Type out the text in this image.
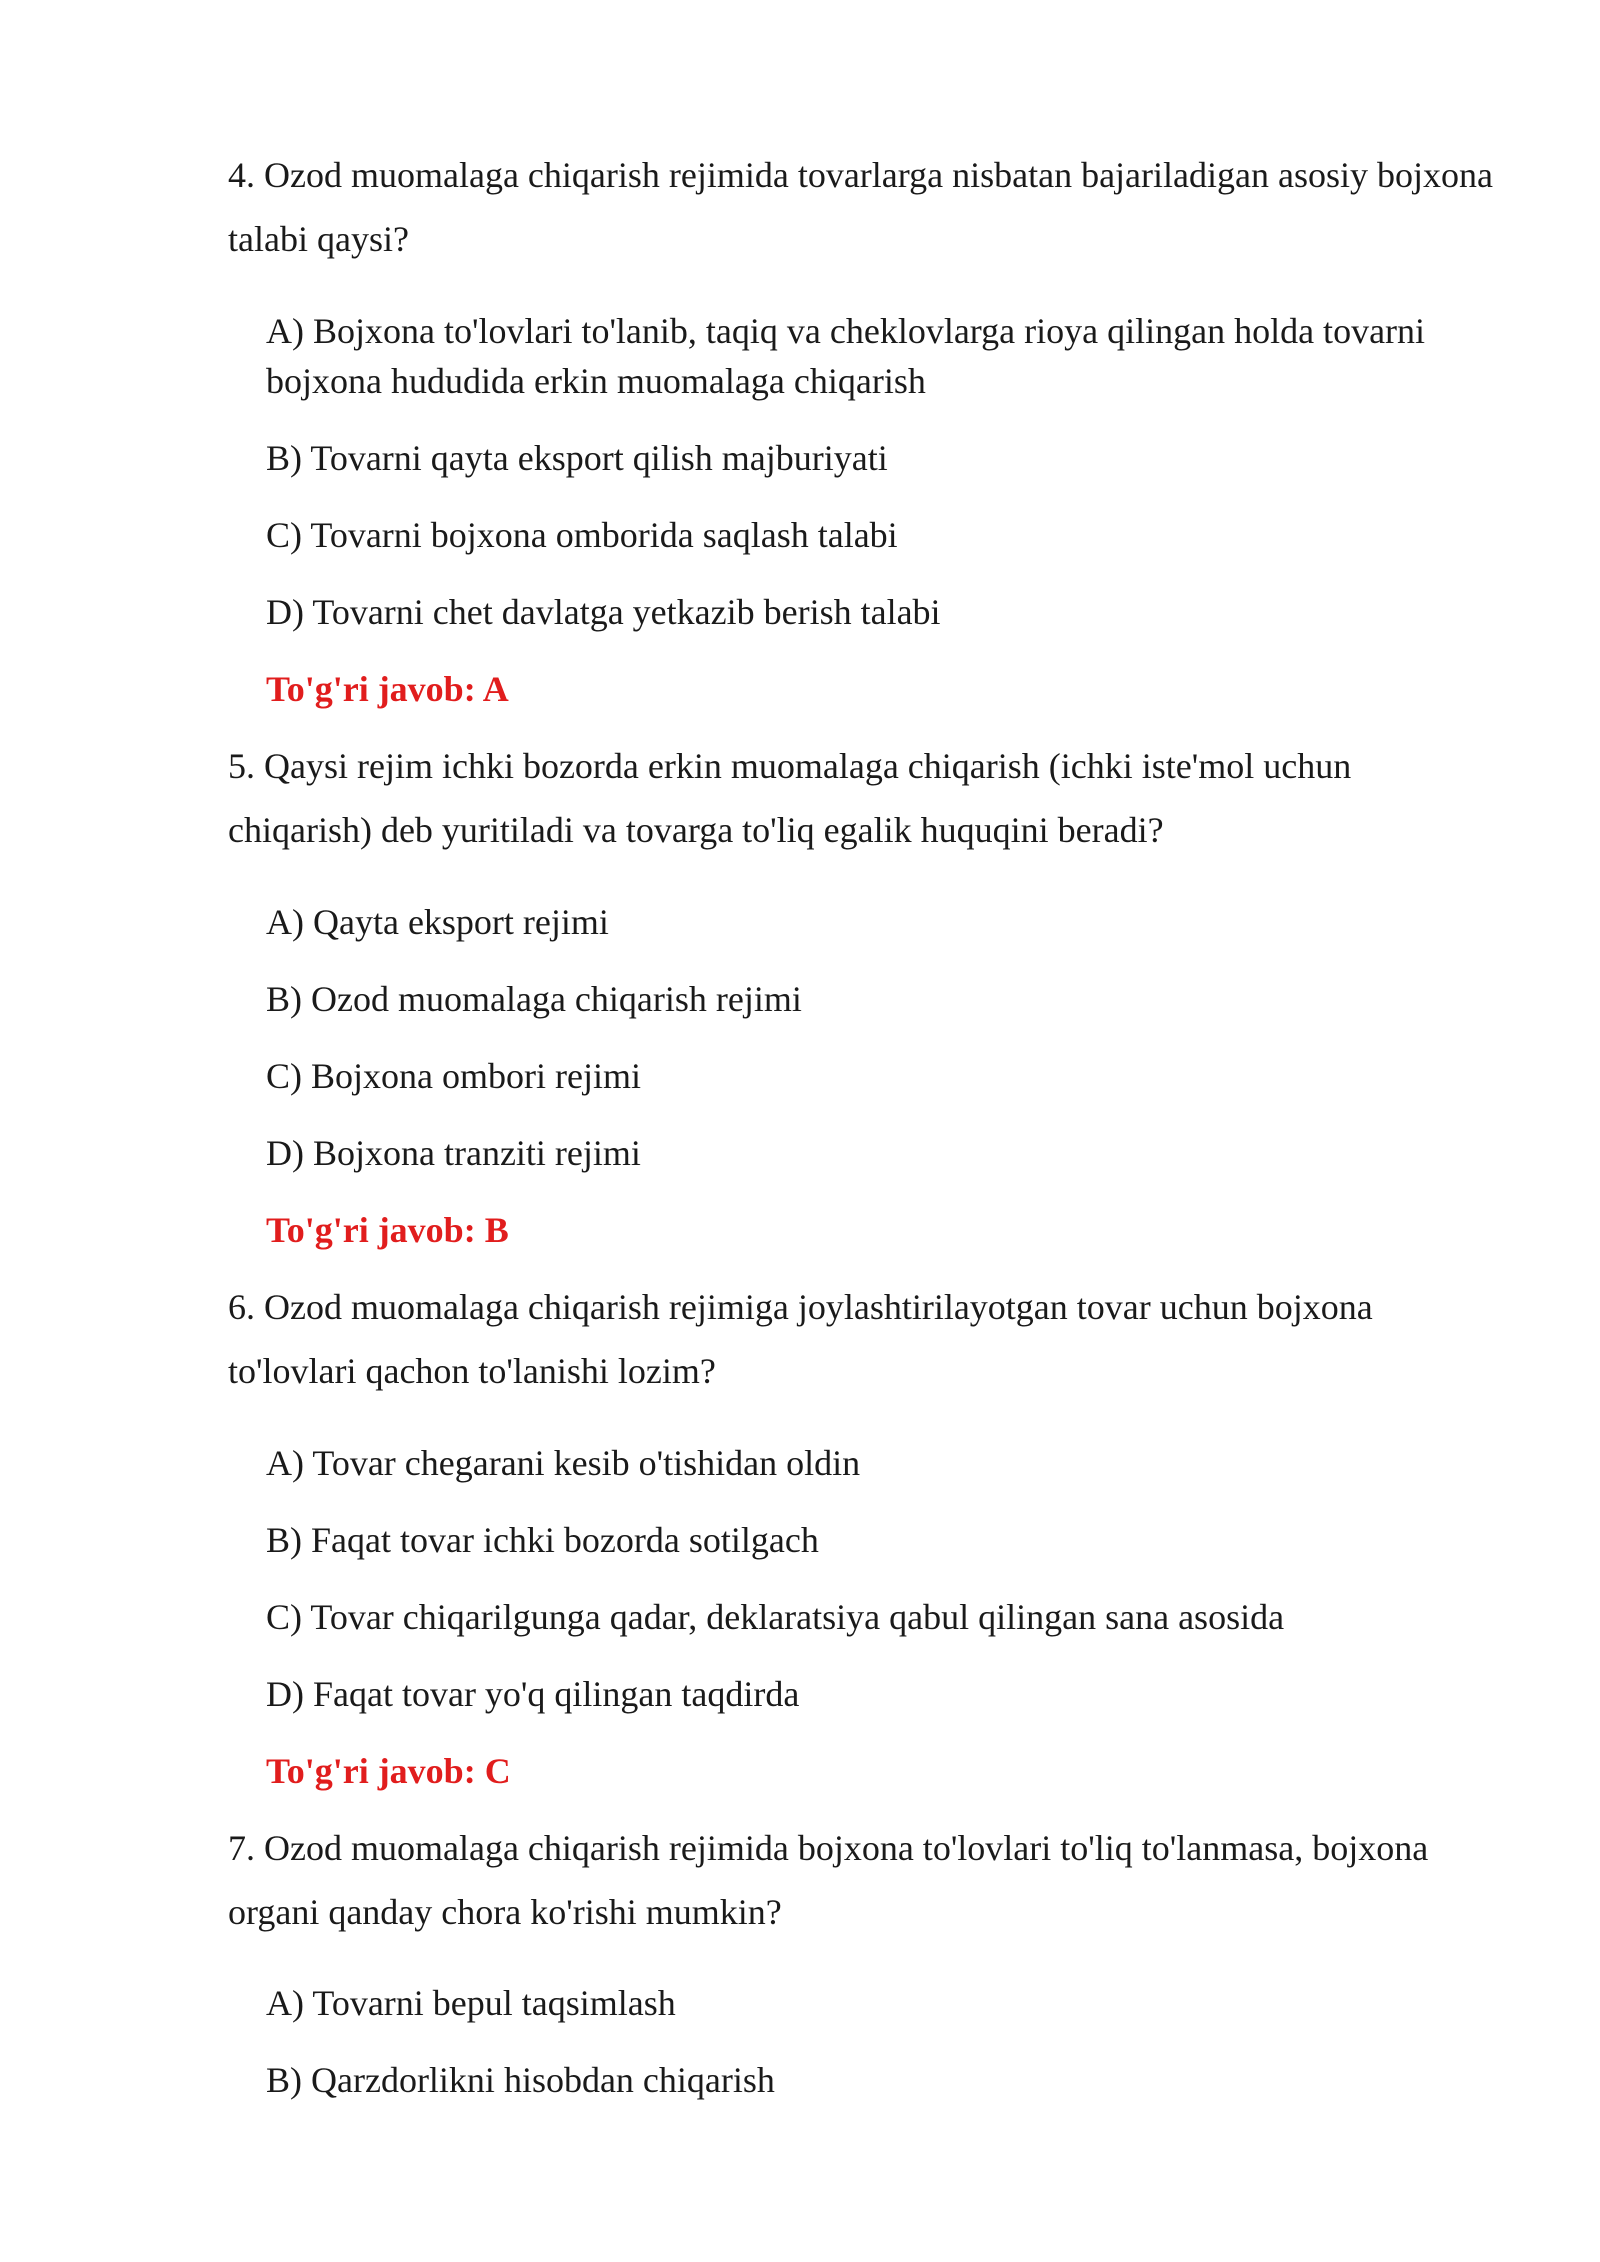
4. Ozod muomalaga chiqarish rejimida tovarlarga nisbatan bajariladigan asosiy bojxona talabi qaysi?

A) Bojxona to'lovlari to'lanib, taqiq va cheklovlarga rioya qilingan holda tovarni bojxona hududida erkin muomalaga chiqarish

B) Tovarni qayta eksport qilish majburiyati

C) Tovarni bojxona omborida saqlash talabi

D) Tovarni chet davlatga yetkazib berish talabi

To'g'ri javob: A

5. Qaysi rejim ichki bozorda erkin muomalaga chiqarish (ichki iste'mol uchun chiqarish) deb yuritiladi va tovarga to'liq egalik huquqini beradi?

A) Qayta eksport rejimi

B) Ozod muomalaga chiqarish rejimi

C) Bojxona ombori rejimi

D) Bojxona tranziti rejimi

To'g'ri javob: B

6. Ozod muomalaga chiqarish rejimiga joylashtirilayotgan tovar uchun bojxona to'lovlari qachon to'lanishi lozim?

A) Tovar chegarani kesib o'tishidan oldin

B) Faqat tovar ichki bozorda sotilgach

C) Tovar chiqarilgunga qadar, deklaratsiya qabul qilingan sana asosida

D) Faqat tovar yo'q qilingan taqdirda

To'g'ri javob: C

7. Ozod muomalaga chiqarish rejimida bojxona to'lovlari to'liq to'lanmasa, bojxona organi qanday chora ko'rishi mumkin?

A) Tovarni bepul taqsimlash

B) Qarzdorlikni hisobdan chiqarish
